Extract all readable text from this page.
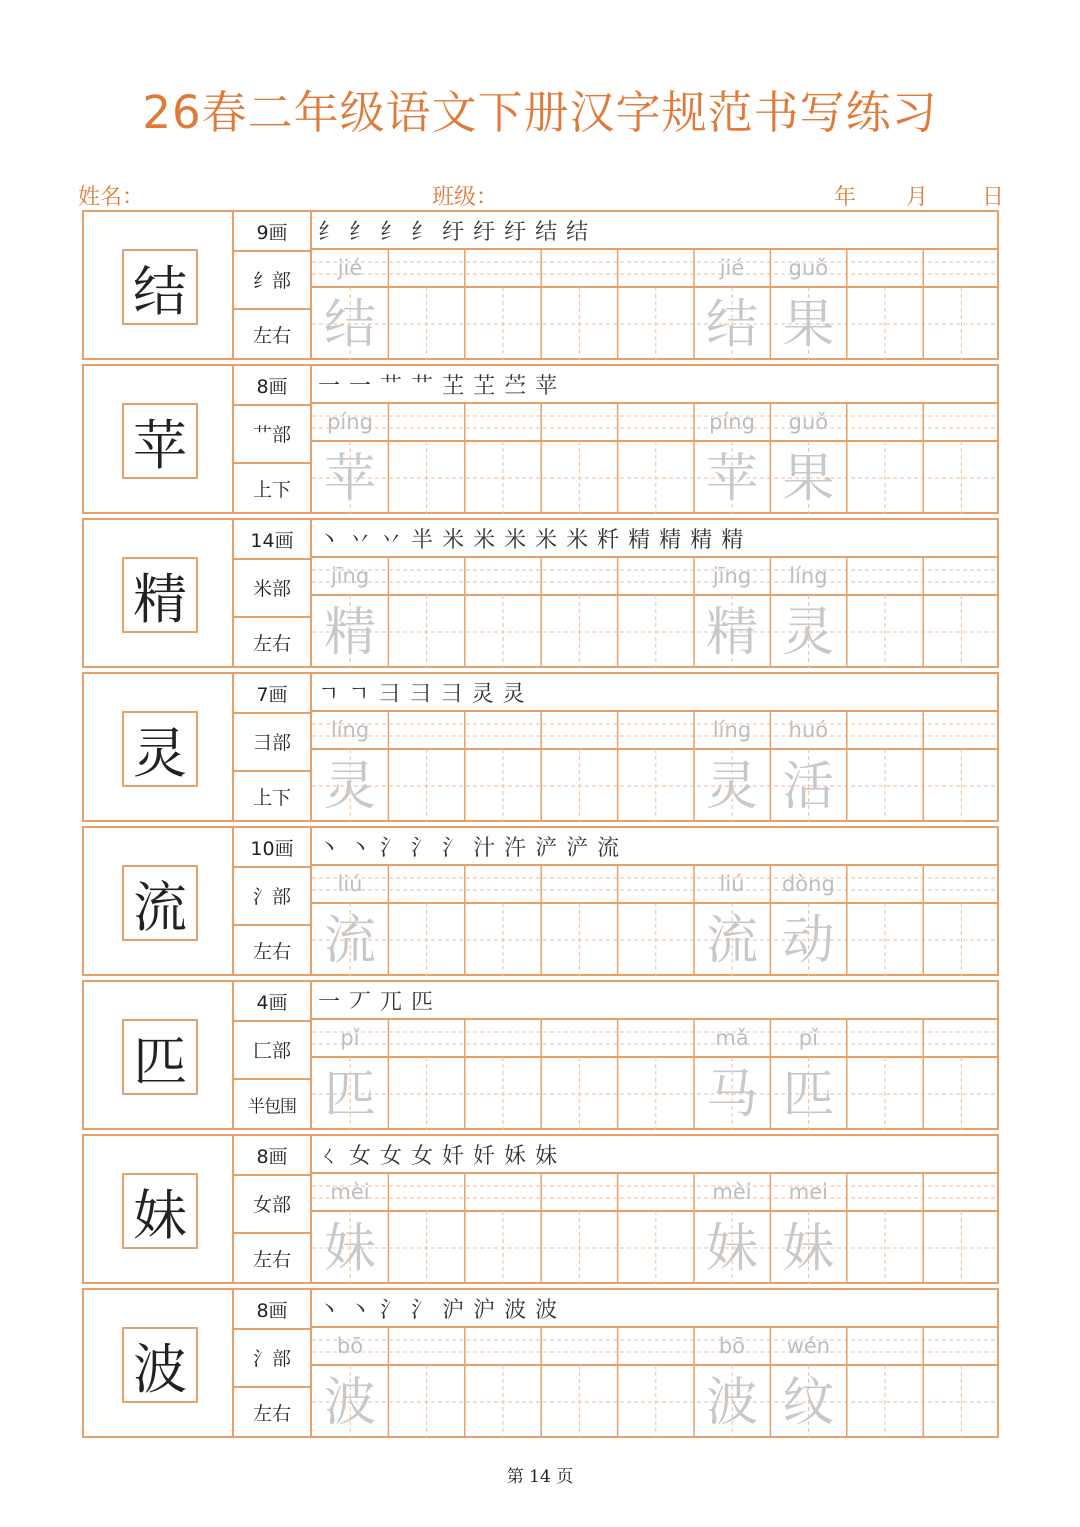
26春二年级语文下册汉字规范书写练习
姓名：	班级：	年 月 日
结
9画
纟部
左右
纟 纟 纟 纟 纡 纡 纡 结 结
jié
结
jié
结
guǒ
果
苹
8画
艹部
上下
一 一 艹 艹 芏 芏 苎 苹
píng
苹
píng
苹
guǒ
果
精
14画
米部
左右
丶 丷 丷 半 米 米 米 米 米 粁 精 精 精 精
jīng
精
jīng
精
líng
灵
灵
7画
彐部
上下
ㄱ ㄱ 彐 彐 彐 灵 灵
líng
灵
líng
灵
huó
活
流
10画
氵部
左右
丶 丶 氵 氵 氵 汁 汻 浐 浐 流
liú
流
liú
流
dòng
动
匹
4画
匚部
半包围
一 丆 兀 匹
pǐ
匹
mǎ
马
pǐ
匹
妹
8画
女部
左右
ㄑ 女 女 女 奷 奷 姀 妹
mèi
妹
mèi
妹
mei
妹
波
8画
氵部
左右
丶 丶 氵 氵 沪 沪 波 波
bō
波
bō
波
wén
纹
第 14 页
